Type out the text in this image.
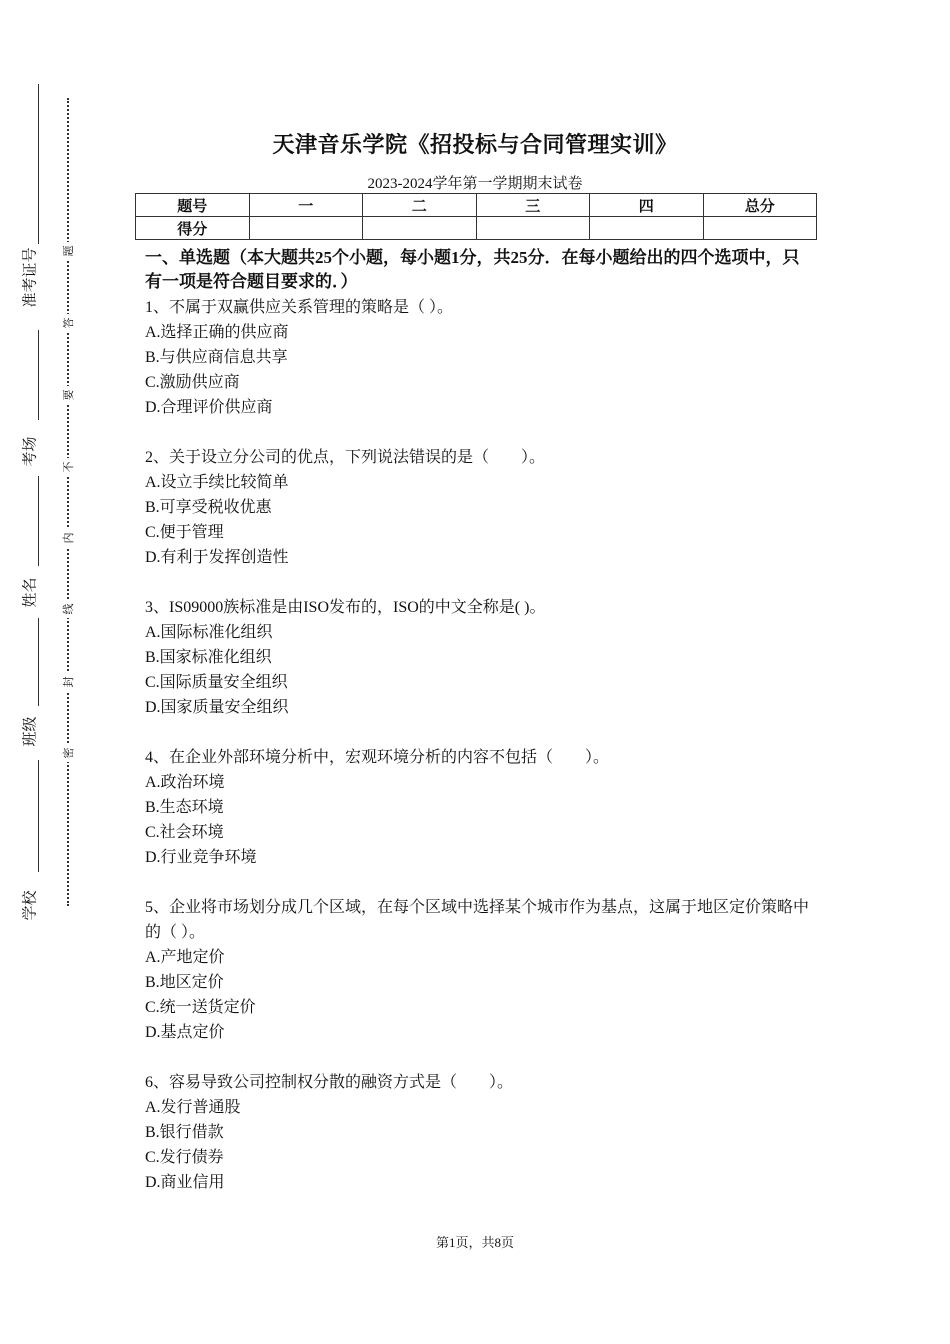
准考证号
考场
姓名
班级
学校
题
答
要
不
内
线
封
密
天津音乐学院《招投标与合同管理实训》
2023-2024学年第一学期期末试卷
题号	一	二	三	四	总分
得分					
一、单选题（本大题共25个小题，每小题1分，共25分．在每小题给出的四个选项中，只有一项是符合题目要求的．）

1、不属于双赢供应关系管理的策略是（ ）。

A.选择正确的供应商

B.与供应商信息共享

C.激励供应商

D.合理评价供应商

2、关于设立分公司的优点，下列说法错误的是（　　）。

A.设立手续比较简单

B.可享受税收优惠

C.便于管理

D.有利于发挥创造性

3、IS09000族标准是由ISO发布的，ISO的中文全称是( )。

A.国际标准化组织

B.国家标准化组织

C.国际质量安全组织

D.国家质量安全组织

4、在企业外部环境分析中，宏观环境分析的内容不包括（　　）。

A.政治环境

B.生态环境

C.社会环境

D.行业竞争环境

5、企业将市场划分成几个区域，在每个区域中选择某个城市作为基点，这属于地区定价策略中的（ ）。

A.产地定价

B.地区定价

C.统一送货定价

D.基点定价

6、容易导致公司控制权分散的融资方式是（　　）。

A.发行普通股

B.银行借款

C.发行债券

D.商业信用

第1页，共8页
